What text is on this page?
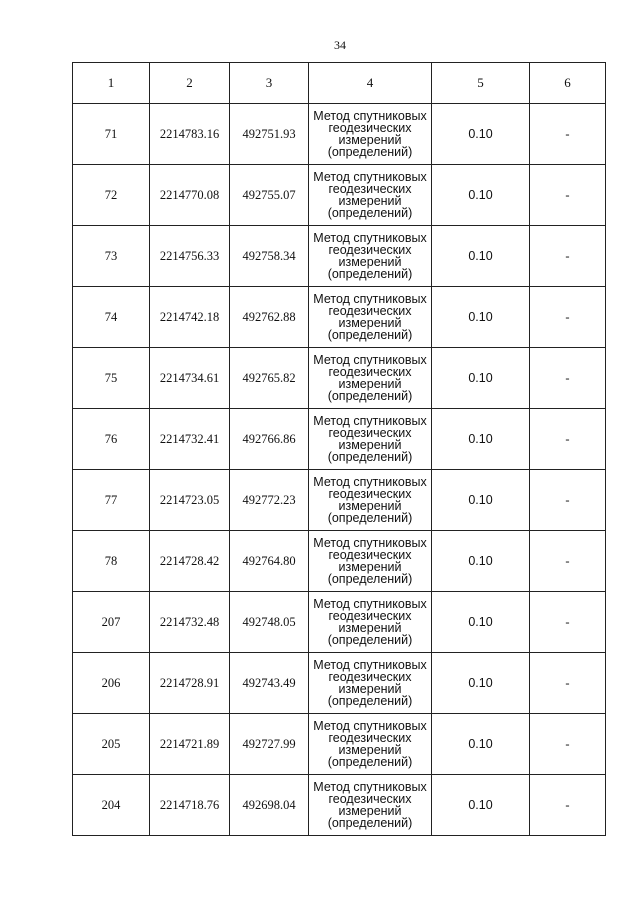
34
1	2	3	4	5	6
71	2214783.16	492751.93	Метод спутниковых
геодезических
измерений
(определений)	0.10	-
72	2214770.08	492755.07	Метод спутниковых
геодезических
измерений
(определений)	0.10	-
73	2214756.33	492758.34	Метод спутниковых
геодезических
измерений
(определений)	0.10	-
74	2214742.18	492762.88	Метод спутниковых
геодезических
измерений
(определений)	0.10	-
75	2214734.61	492765.82	Метод спутниковых
геодезических
измерений
(определений)	0.10	-
76	2214732.41	492766.86	Метод спутниковых
геодезических
измерений
(определений)	0.10	-
77	2214723.05	492772.23	Метод спутниковых
геодезических
измерений
(определений)	0.10	-
78	2214728.42	492764.80	Метод спутниковых
геодезических
измерений
(определений)	0.10	-
207	2214732.48	492748.05	Метод спутниковых
геодезических
измерений
(определений)	0.10	-
206	2214728.91	492743.49	Метод спутниковых
геодезических
измерений
(определений)	0.10	-
205	2214721.89	492727.99	Метод спутниковых
геодезических
измерений
(определений)	0.10	-
204	2214718.76	492698.04	Метод спутниковых
геодезических
измерений
(определений)	0.10	-
